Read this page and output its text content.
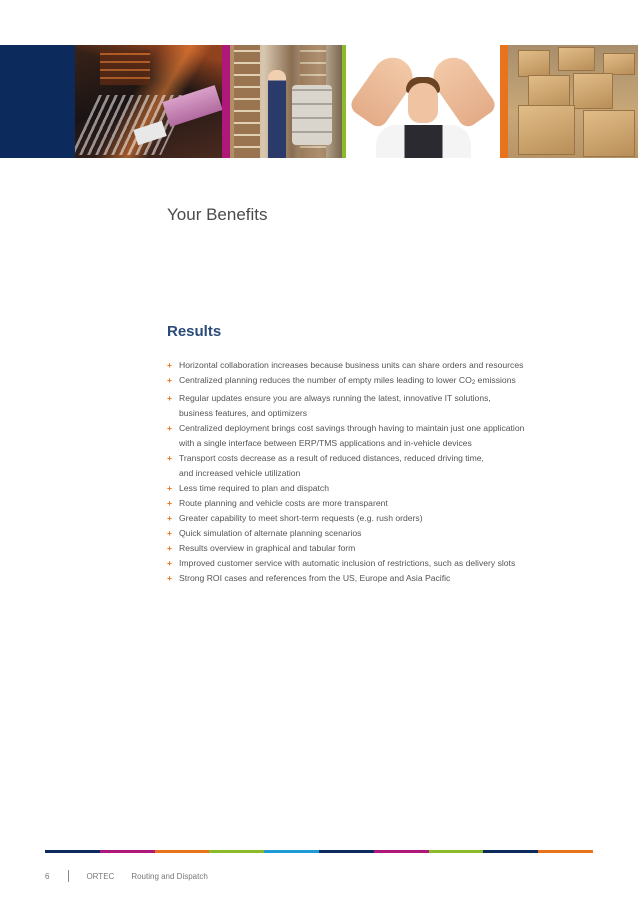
Your Benefits
Results
+ Horizontal collaboration increases because business units can share orders and resources
+ Centralized planning reduces the number of empty miles leading to lower CO2 emissions
+ Regular updates ensure you are always running the latest, innovative IT solutions,
business features, and optimizers
+ Centralized deployment brings cost savings through having to maintain just one application
with a single interface between ERP/TMS applications and in-vehicle devices
+ Transport costs decrease as a result of reduced distances, reduced driving time,
and increased vehicle utilization
+ Less time required to plan and dispatch
+ Route planning and vehicle costs are more transparent
+ Greater capability to meet short-term requests (e.g. rush orders)
+ Quick simulation of alternate planning scenarios
+ Results overview in graphical and tabular form
+ Improved customer service with automatic inclusion of restrictions, such as delivery slots
+ Strong ROI cases and references from the US, Europe and Asia Pacific
6	ORTEC Routing and Dispatch
